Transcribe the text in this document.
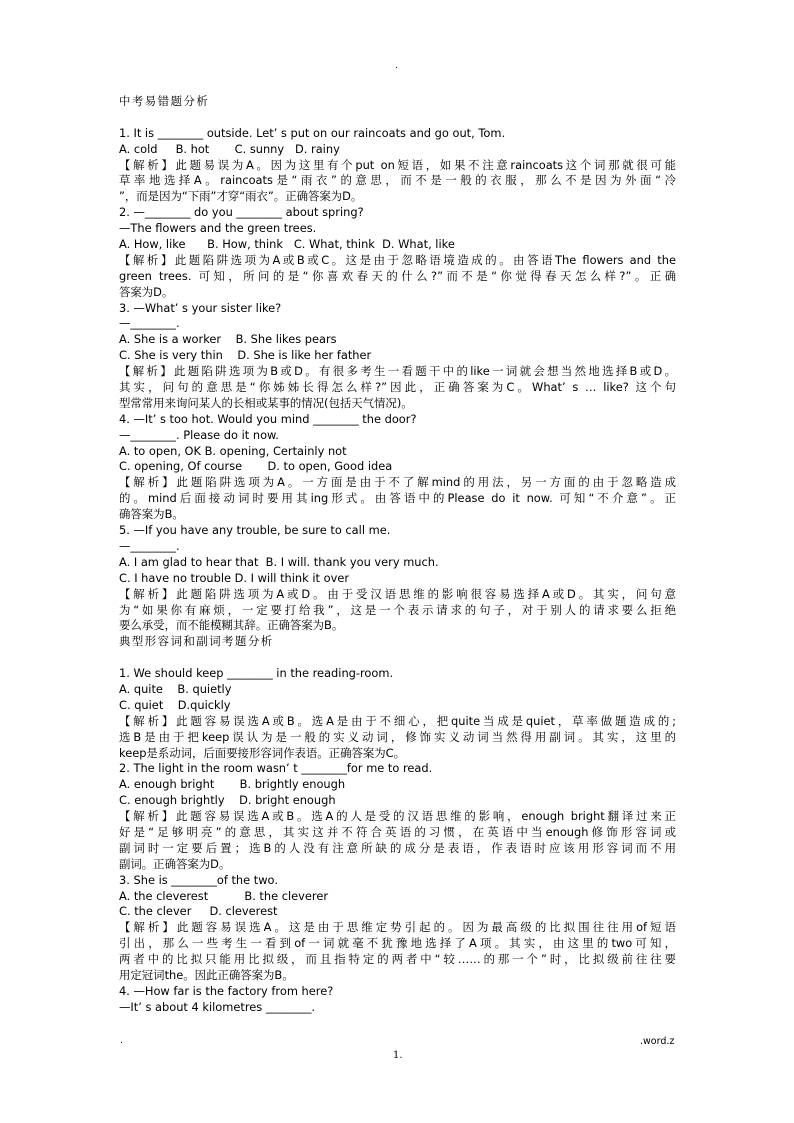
.
中考易错题分析
1. It is ________ outside. Let’ s put on our raincoats and go out, Tom.
A. cold     B. hot       C. sunny   D. rainy
【解析】此题易误为A。因为这里有个put on短语，如果不注意raincoats这个词那就很可能
草率地选择A。raincoats是“雨衣”的意思，而不是一般的衣服，那么不是因为外面“冷
”，而是因为“下雨”才穿“雨衣”。正确答案为D。
2. —________ do you ________ about spring?
—The flowers and the green trees.
A. How, like      B. How, think   C. What, think  D. What, like
【解析】此题陷阱选项为A或B或C。这是由于忽略语境造成的。由答语The flowers and the
green trees. 可知，所问的是“你喜欢春天的什么?”而不是“你觉得春天怎么样?”。正确
答案为D。
3. —What’ s your sister like?
—________.
A. She is a worker    B. She likes pears
C. She is very thin    D. She is like her father
【解析】此题陷阱选项为B或D。有很多考生一看题干中的like一词就会想当然地选择B或D。
其实，问句的意思是“你姊姊长得怎么样?”因此，正确答案为C。What’ s … like? 这个句
型常常用来询问某人的长相或某事的情况(包括天气情况)。
4. —It’ s too hot. Would you mind ________ the door?
—________. Please do it now.
A. to open, OK B. opening, Certainly not
C. opening, Of course       D. to open, Good idea
【解析】此题陷阱选项为A。一方面是由于不了解mind的用法，另一方面的由于忽略造成
的。mind后面接动词时要用其ing形式。由答语中的Please do it now. 可知“不介意”。正
确答案为B。
5. —If you have any trouble, be sure to call me.
—________.
A. I am glad to hear that  B. I will. thank you very much.
C. I have no trouble D. I will think it over
【解析】此题陷阱选项为A或D。由于受汉语思维的影响很容易选择A或D。其实，问句意
为“如果你有麻烦，一定要打给我”，这是一个表示请求的句子，对于别人的请求要么拒绝
要么承受，而不能模糊其辞。正确答案为B。
典型形容词和副词考题分析
1. We should keep ________ in the reading-room.
A. quite    B. quietly
C. quiet    D.quickly
【解析】此题容易误选A或B。选A是由于不细心，把quite当成是quiet，草率做题造成的;
选B是由于把keep误认为是一般的实义动词，修饰实义动词当然得用副词。其实，这里的
keep是系动词，后面要接形容词作表语。正确答案为C。
2. The light in the room wasn’ t ________for me to read.
A. enough bright       B. brightly enough
C. enough brightly    D. bright enough
【解析】此题容易误选A或B。选A的人是受的汉语思维的影响，enough bright翻译过来正
好是“足够明亮”的意思，其实这并不符合英语的习惯，在英语中当enough修饰形容词或
副词时一定要后置；选B的人没有注意所缺的成分是表语，作表语时应该用形容词而不用
副词。正确答案为D。
3. She is ________of the two.
A. the cleverest          B. the cleverer
C. the clever     D. cleverest
【解析】此题容易误选A。这是由于思维定势引起的。因为最高级的比拟围往往用of短语
引出，那么一些考生一看到of一词就毫不犹豫地选择了A项。其实，由这里的two可知，
两者中的比拟只能用比拟级，而且指特定的两者中“较……的那一个”时，比拟级前往往要
用定冠词the。因此正确答案为B。
4. —How far is the factory from here?
—It’ s about 4 kilometres ________.
.	.word.z
1.
